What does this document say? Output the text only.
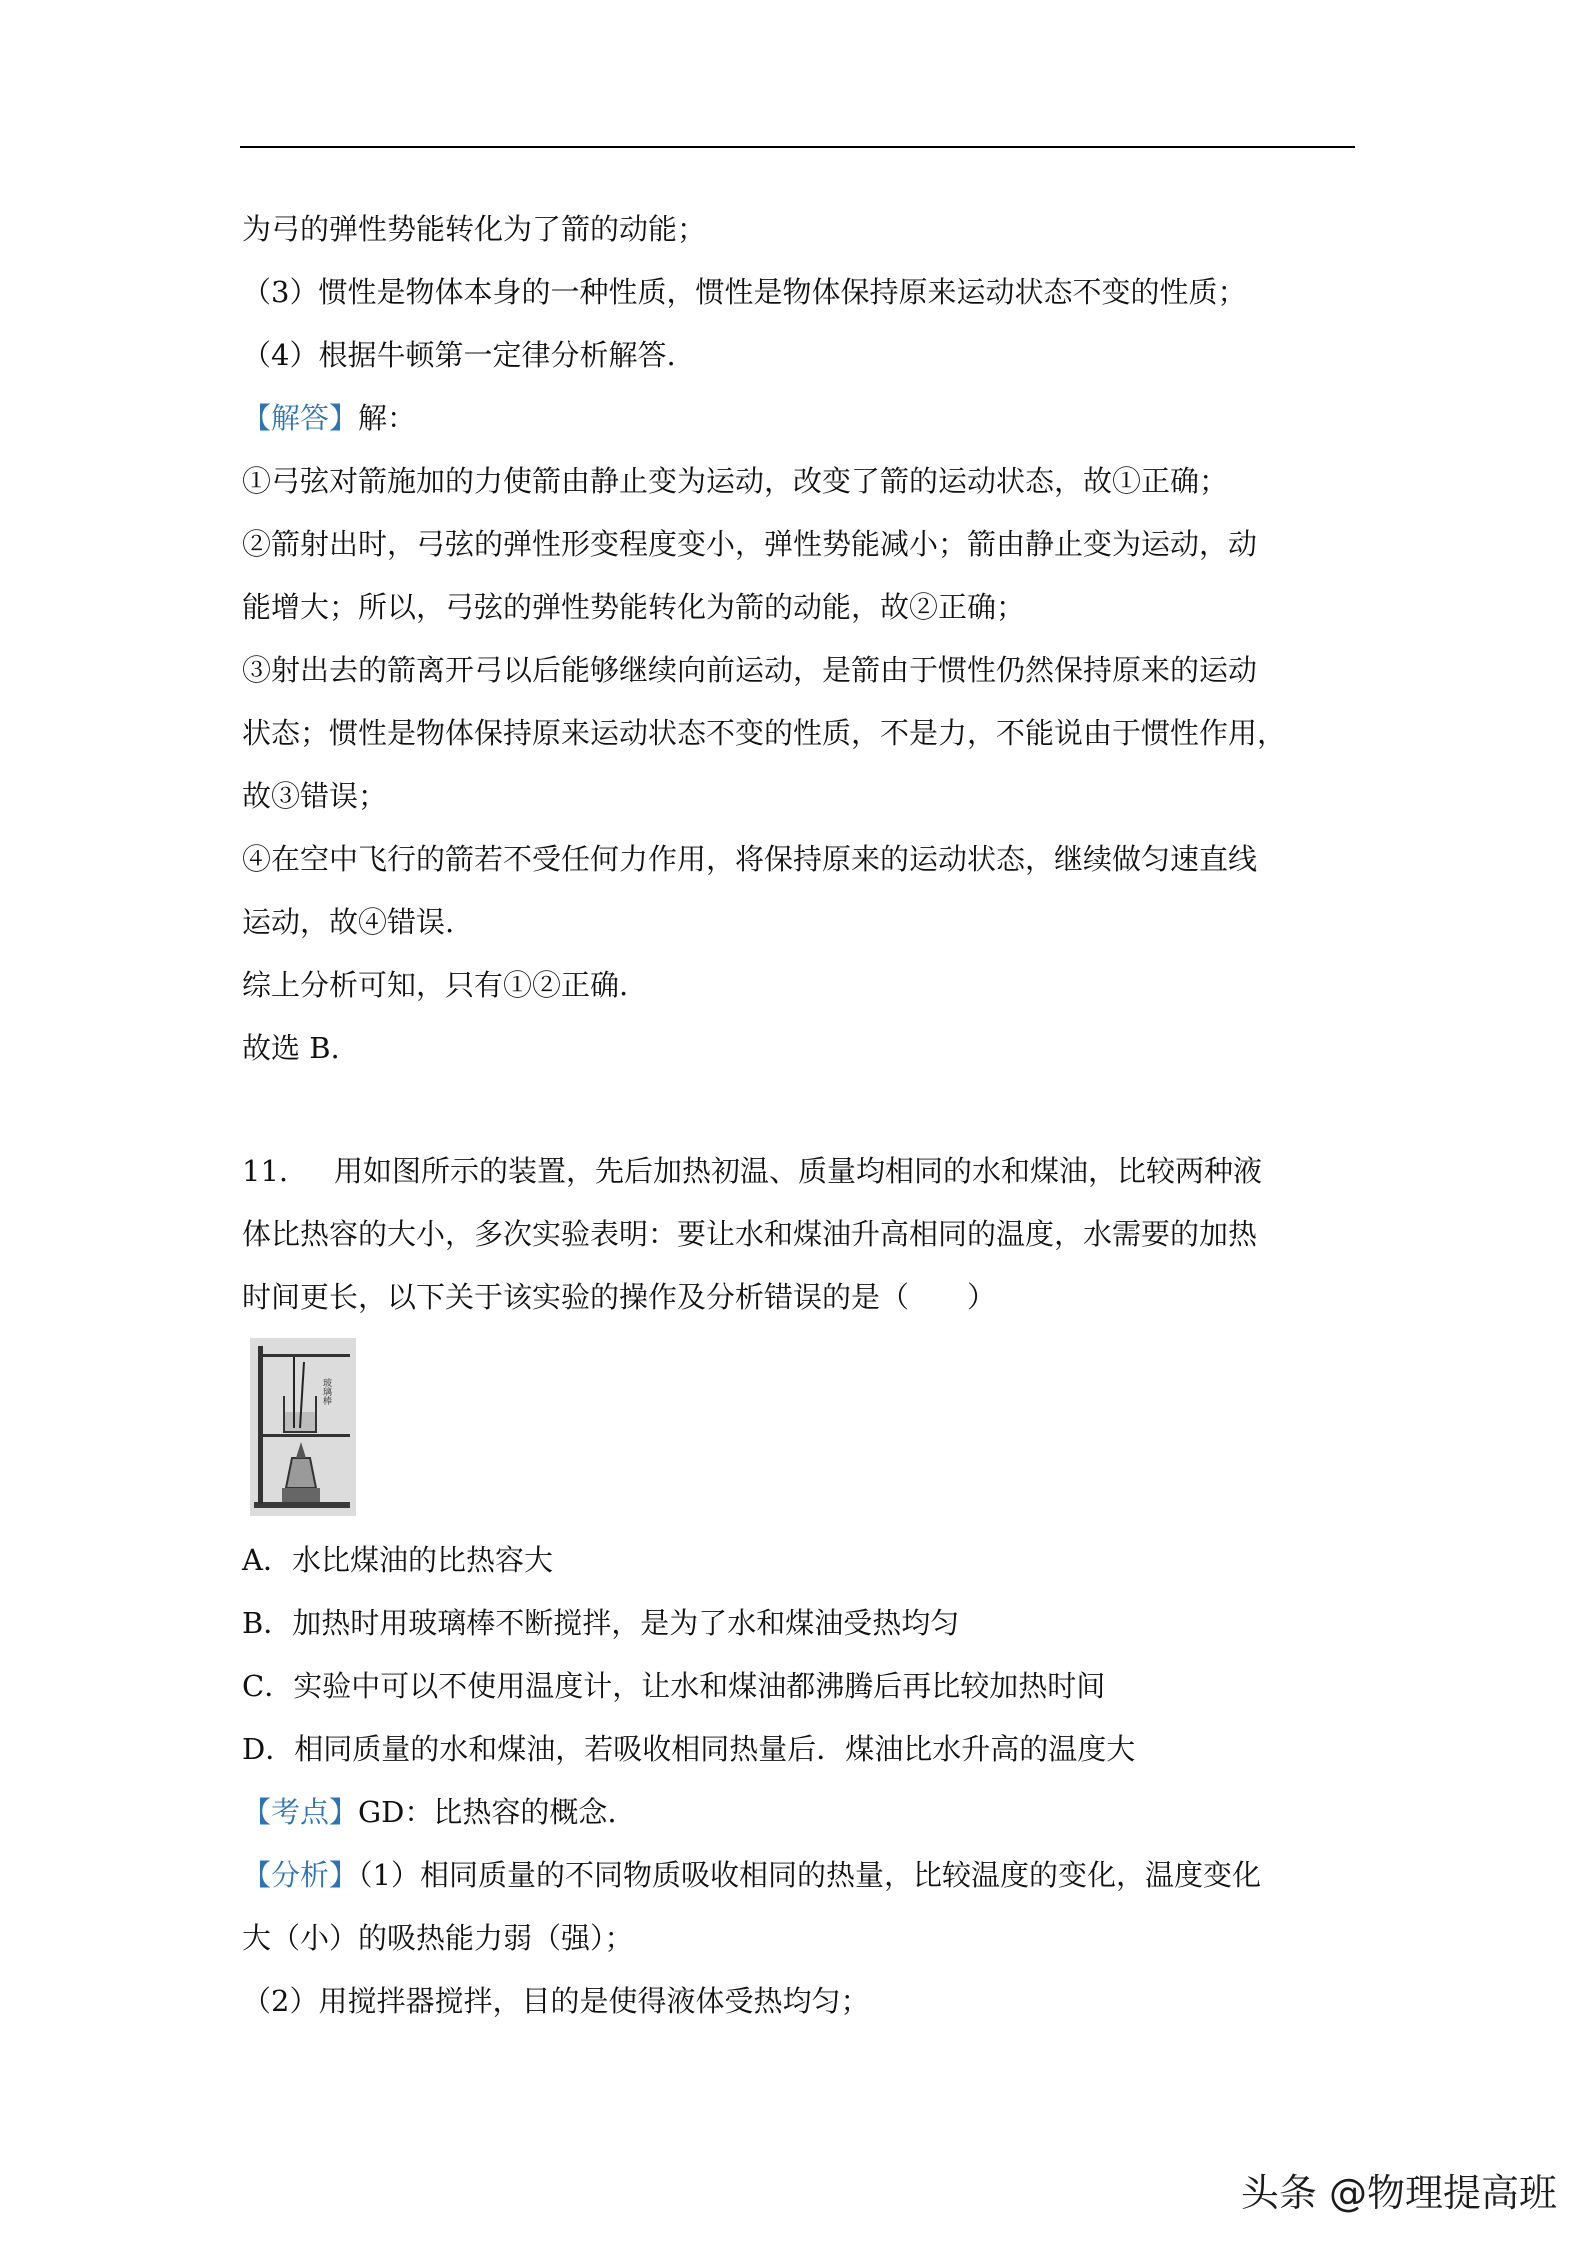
为弓的弹性势能转化为了箭的动能；
（3）惯性是物体本身的一种性质，惯性是物体保持原来运动状态不变的性质；
（4）根据牛顿第一定律分析解答.
【解答】解：
①弓弦对箭施加的力使箭由静止变为运动，改变了箭的运动状态，故①正确；
②箭射出时，弓弦的弹性形变程度变小，弹性势能减小；箭由静止变为运动，动
能增大；所以，弓弦的弹性势能转化为箭的动能，故②正确；
③射出去的箭离开弓以后能够继续向前运动，是箭由于惯性仍然保持原来的运动
状态；惯性是物体保持原来运动状态不变的性质，不是力，不能说由于惯性作用，
故③错误；
④在空中飞行的箭若不受任何力作用，将保持原来的运动状态，继续做匀速直线
运动，故④错误.
综上分析可知，只有①②正确.
故选 B.
11. 用如图所示的装置，先后加热初温、质量均相同的水和煤油，比较两种液
体比热容的大小，多次实验表明：要让水和煤油升高相同的温度，水需要的加热
时间更长，以下关于该实验的操作及分析错误的是（　　）
A．水比煤油的比热容大
B．加热时用玻璃棒不断搅拌，是为了水和煤油受热均匀
C．实验中可以不使用温度计，让水和煤油都沸腾后再比较加热时间
D．相同质量的水和煤油，若吸收相同热量后．煤油比水升高的温度大
【考点】GD：比热容的概念.
【分析】（1）相同质量的不同物质吸收相同的热量，比较温度的变化，温度变化
大（小）的吸热能力弱（强）；
（2）用搅拌器搅拌，目的是使得液体受热均匀；
玻璃棒
头条 @物理提高班
